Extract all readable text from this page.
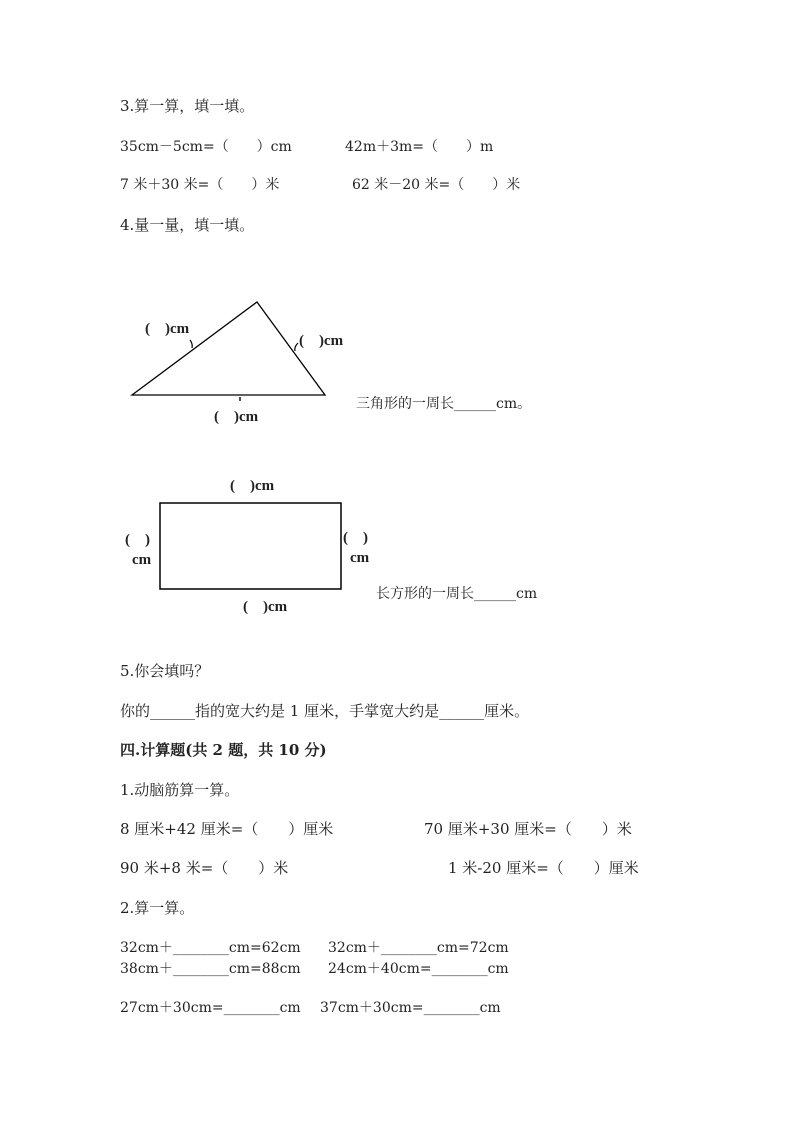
3.算一算，填一填。
35cm－5cm=（　　）cm	42m＋3m=（　　）m
7 米＋30 米=（　　）米	62 米－20 米=（　　）米
4.量一量，填一填。
(　)cm
(　)cm
(　)cm
三角形的一周长______cm。
(　)cm
(　)
cm
(　)
cm
(　)cm
长方形的一周长______cm
5.你会填吗？
你的______指的宽大约是 1 厘米，手掌宽大约是______厘米。
四.计算题(共 2 题，共 10 分)
1.动脑筋算一算。
8 厘米+42 厘米=（　　）厘米	70 厘米+30 厘米=（　　）米
90 米+8 米=（　　）米	1 米-20 厘米=（　　）厘米
2.算一算。
32cm＋________cm=62cm 32cm＋________cm=72cm
38cm＋________cm=88cm 24cm＋40cm=________cm
27cm＋30cm=________cm 37cm＋30cm=________cm
